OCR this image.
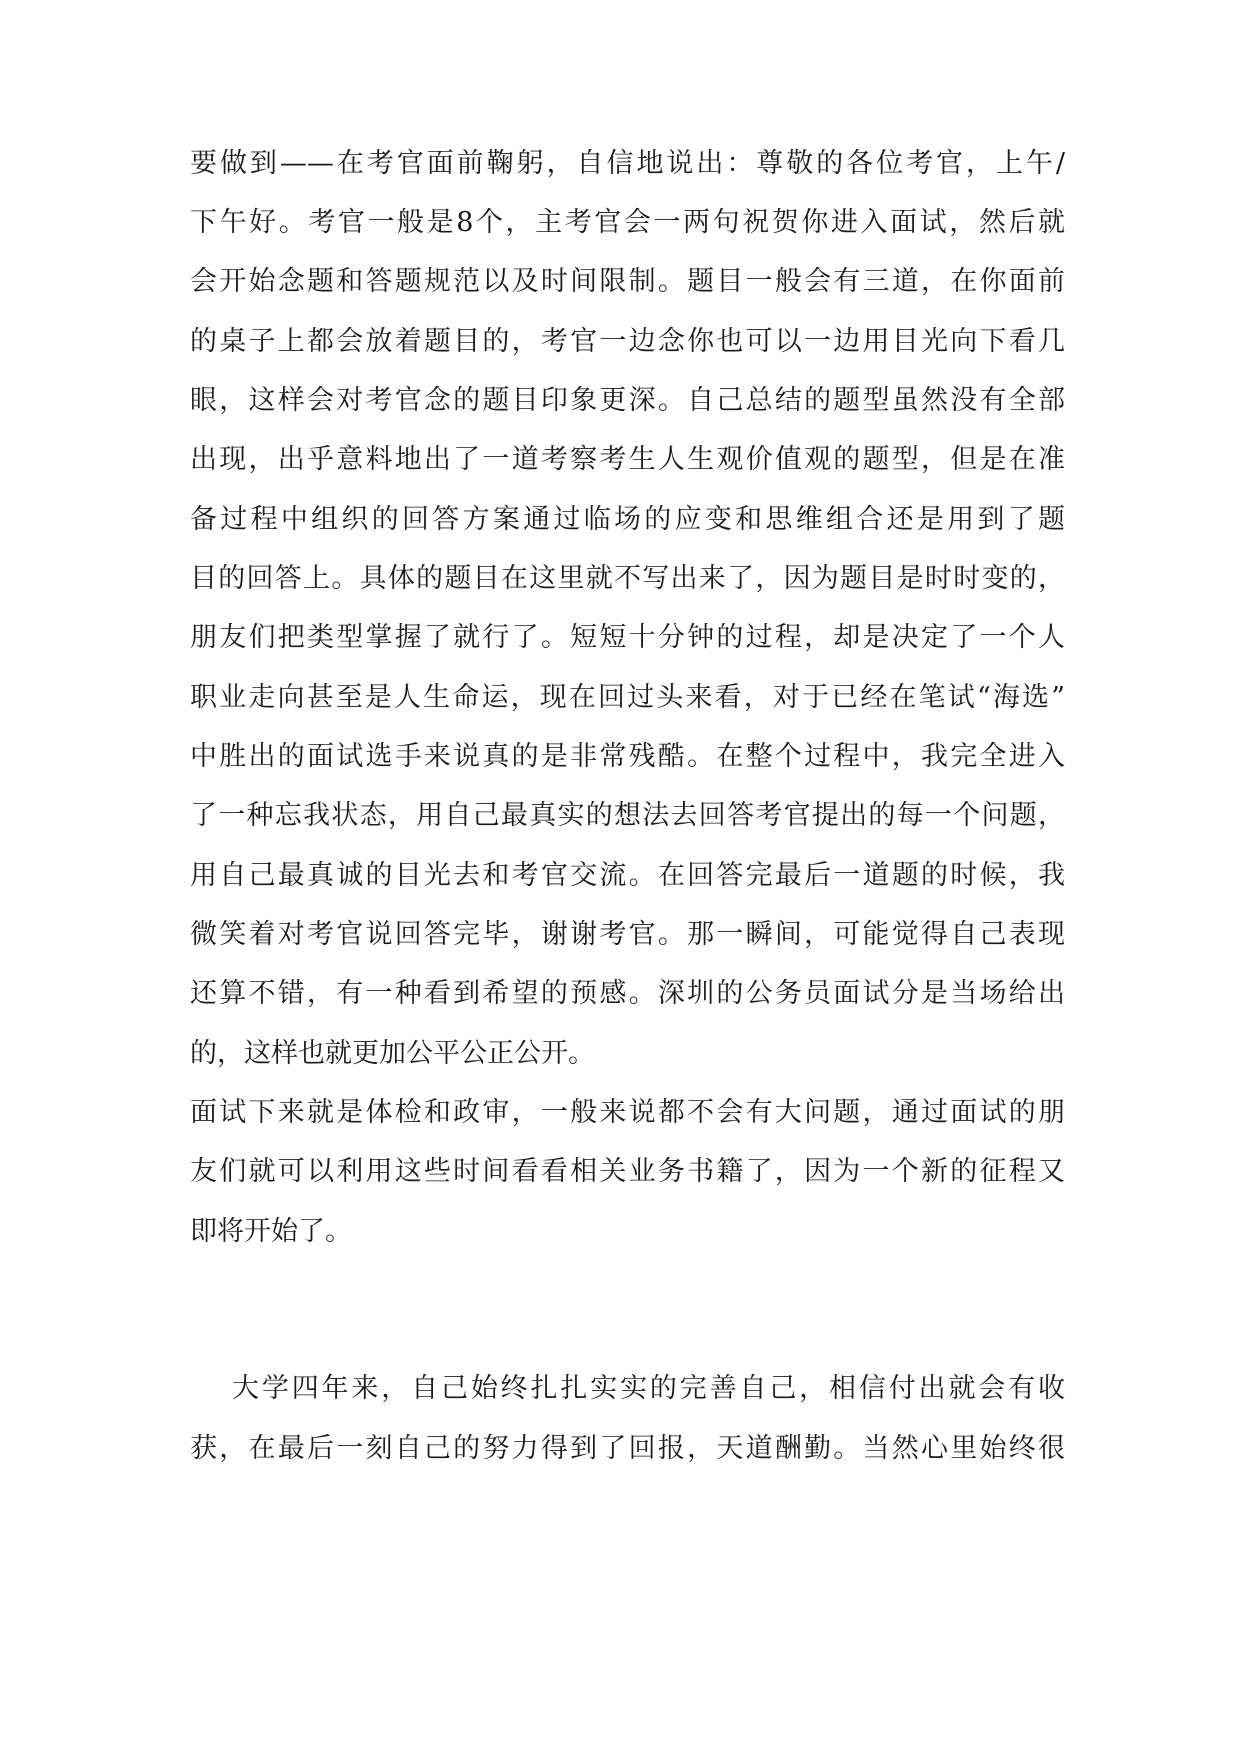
要做到——在考官面前鞠躬，自信地说出：尊敬的各位考官，上午/
下午好。考官一般是8个，主考官会一两句祝贺你进入面试，然后就
会开始念题和答题规范以及时间限制。题目一般会有三道，在你面前
的桌子上都会放着题目的，考官一边念你也可以一边用目光向下看几
眼，这样会对考官念的题目印象更深。自己总结的题型虽然没有全部
出现，出乎意料地出了一道考察考生人生观价值观的题型，但是在准
备过程中组织的回答方案通过临场的应变和思维组合还是用到了题
目的回答上。具体的题目在这里就不写出来了，因为题目是时时变的，
朋友们把类型掌握了就行了。短短十分钟的过程，却是决定了一个人
职业走向甚至是人生命运，现在回过头来看，对于已经在笔试“海选”
中胜出的面试选手来说真的是非常残酷。在整个过程中，我完全进入
了一种忘我状态，用自己最真实的想法去回答考官提出的每一个问题，
用自己最真诚的目光去和考官交流。在回答完最后一道题的时候，我
微笑着对考官说回答完毕，谢谢考官。那一瞬间，可能觉得自己表现
还算不错，有一种看到希望的预感。深圳的公务员面试分是当场给出
的，这样也就更加公平公正公开。
面试下来就是体检和政审，一般来说都不会有大问题，通过面试的朋
友们就可以利用这些时间看看相关业务书籍了，因为一个新的征程又
即将开始了。
大学四年来，自己始终扎扎实实的完善自己，相信付出就会有收
获，在最后一刻自己的努力得到了回报，天道酬勤。当然心里始终很
